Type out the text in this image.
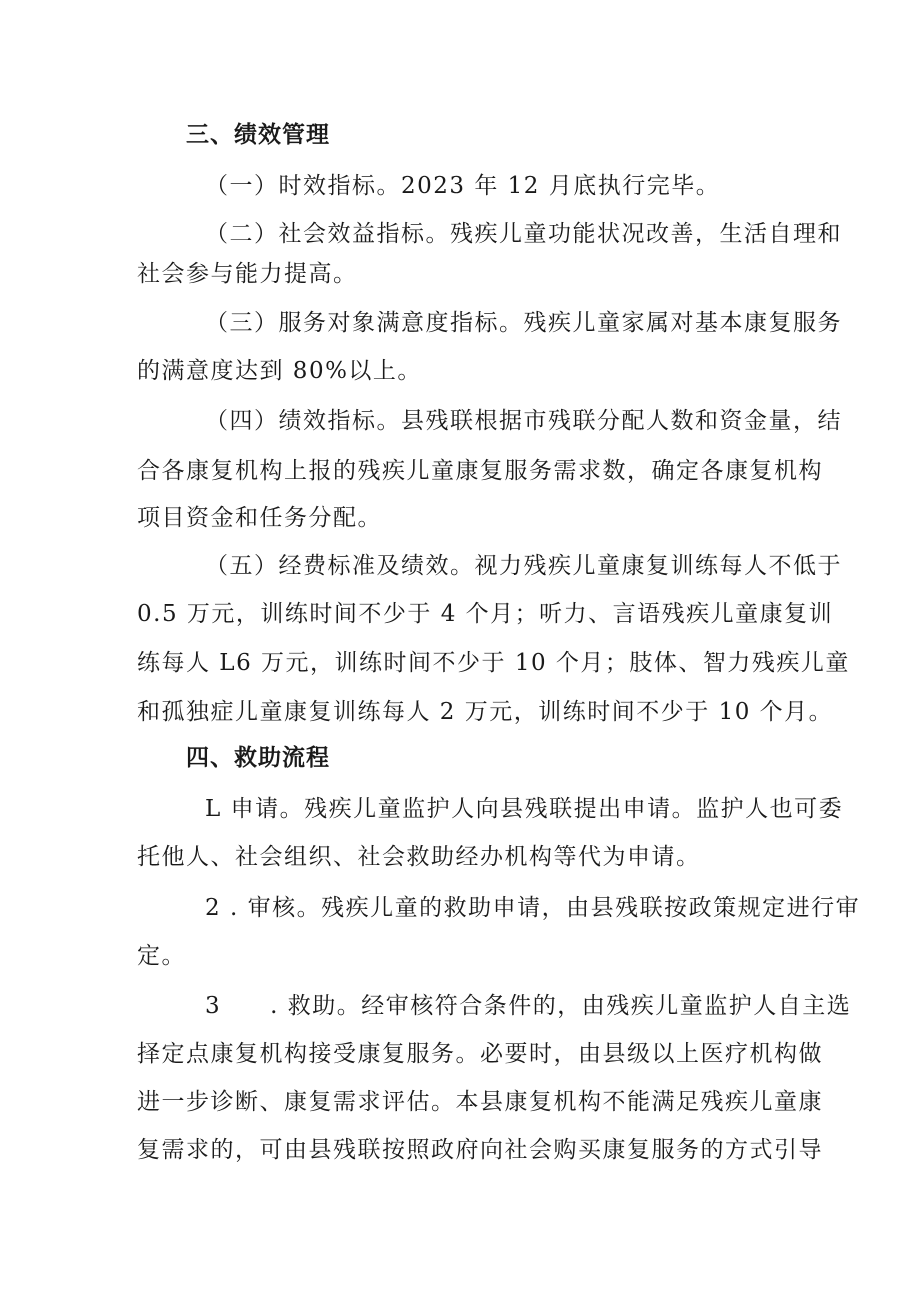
三、绩效管理
（一）时效指标。2023 年 12 月底执行完毕。
（二）社会效益指标。残疾儿童功能状况改善，生活自理和
社会参与能力提高。
（三）服务对象满意度指标。残疾儿童家属对基本康复服务
的满意度达到 80%以上。
（四）绩效指标。县残联根据市残联分配人数和资金量，结
合各康复机构上报的残疾儿童康复服务需求数，确定各康复机构
项目资金和任务分配。
（五）经费标准及绩效。视力残疾儿童康复训练每人不低于
0.5 万元，训练时间不少于 4 个月；听力、言语残疾儿童康复训
练每人 L6 万元，训练时间不少于 10 个月；肢体、智力残疾儿童
和孤独症儿童康复训练每人 2 万元，训练时间不少于 10 个月。
四、救助流程
L 申请。残疾儿童监护人向县残联提出申请。监护人也可委
托他人、社会组织、社会救助经办机构等代为申请。
2 . 审核。残疾儿童的救助申请，由县残联按政策规定进行审
定。
3　　. 救助。经审核符合条件的，由残疾儿童监护人自主选
择定点康复机构接受康复服务。必要时，由县级以上医疗机构做
进一步诊断、康复需求评估。本县康复机构不能满足残疾儿童康
复需求的，可由县残联按照政府向社会购买康复服务的方式引导
